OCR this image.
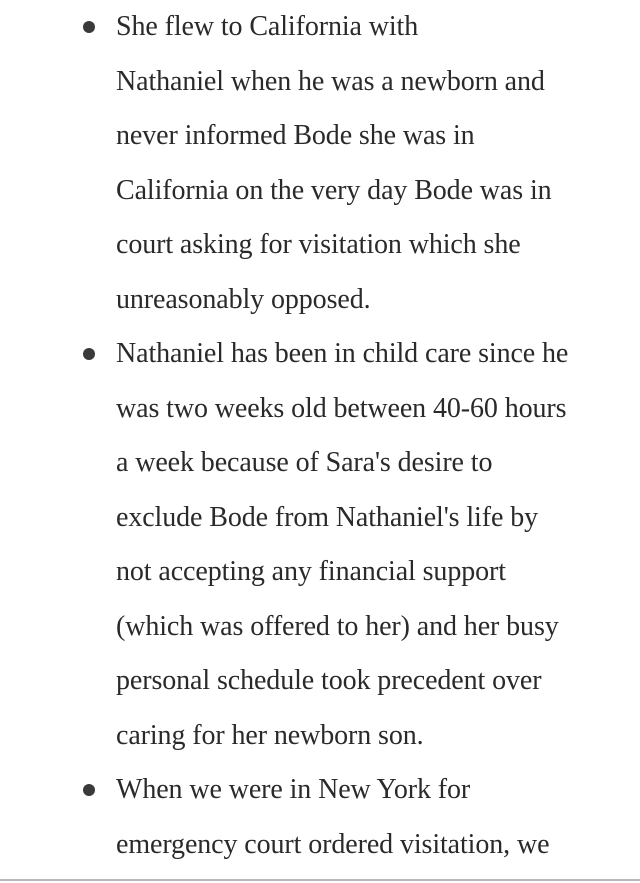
She flew to California with
Nathaniel when he was a newborn and
never informed Bode she was in
California on the very day Bode was in
court asking for visitation which she
unreasonably opposed.
Nathaniel has been in child care since he
was two weeks old between 40-60 hours
a week because of Sara's desire to
exclude Bode from Nathaniel's life by
not accepting any financial support
(which was offered to her) and her busy
personal schedule took precedent over
caring for her newborn son.
When we were in New York for
emergency court ordered visitation, we
